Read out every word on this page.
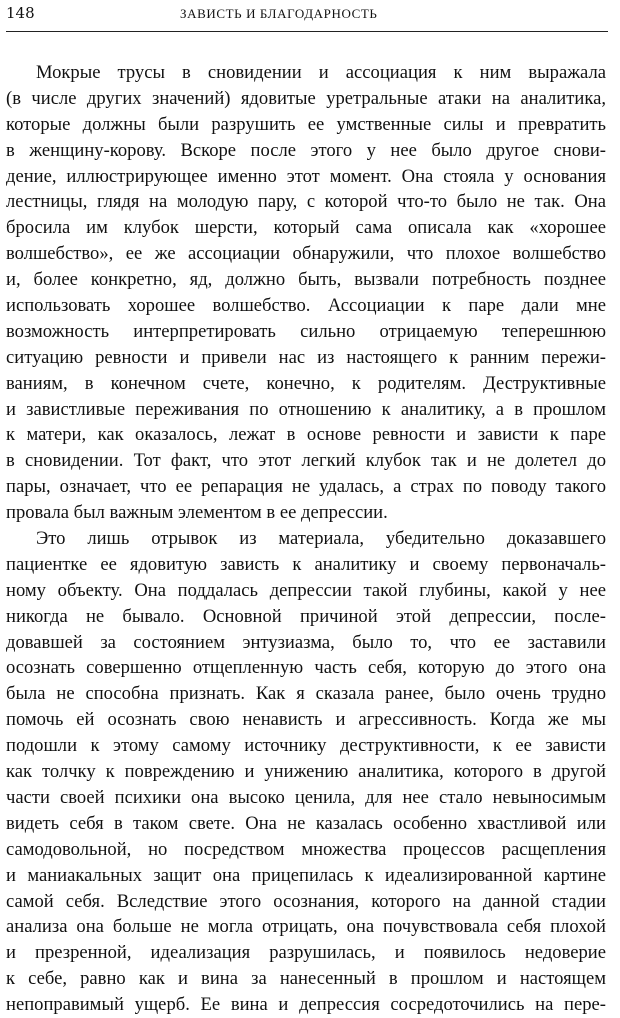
148	ЗАВИСТЬ И БЛАГОДАРНОСТЬ
Мокрые трусы в сновидении и ассоциация к ним выражала
(в числе других значений) ядовитые уретральные атаки на аналитика,
которые должны были разрушить ее умственные силы и превратить
в женщину-корову. Вскоре после этого у нее было другое снови-
дение, иллюстрирующее именно этот момент. Она стояла у основания
лестницы, глядя на молодую пару, с которой что-то было не так. Она
бросила им клубок шерсти, который сама описала как «хорошее
волшебство», ее же ассоциации обнаружили, что плохое волшебство
и, более конкретно, яд, должно быть, вызвали потребность позднее
использовать хорошее волшебство. Ассоциации к паре дали мне
возможность интерпретировать сильно отрицаемую теперешнюю
ситуацию ревности и привели нас из настоящего к ранним пережи-
ваниям, в конечном счете, конечно, к родителям. Деструктивные
и завистливые переживания по отношению к аналитику, а в прошлом
к матери, как оказалось, лежат в основе ревности и зависти к паре
в сновидении. Тот факт, что этот легкий клубок так и не долетел до
пары, означает, что ее репарация не удалась, а страх по поводу такого
провала был важным элементом в ее депрессии.
Это лишь отрывок из материала, убедительно доказавшего
пациентке ее ядовитую зависть к аналитику и своему первоначаль-
ному объекту. Она поддалась депрессии такой глубины, какой у нее
никогда не бывало. Основной причиной этой депрессии, после-
довавшей за состоянием энтузиазма, было то, что ее заставили
осознать совершенно отщепленную часть себя, которую до этого она
была не способна признать. Как я сказала ранее, было очень трудно
помочь ей осознать свою ненависть и агрессивность. Когда же мы
подошли к этому самому источнику деструктивности, к ее зависти
как толчку к повреждению и унижению аналитика, которого в другой
части своей психики она высоко ценила, для нее стало невыносимым
видеть себя в таком свете. Она не казалась особенно хвастливой или
самодовольной, но посредством множества процессов расщепления
и маниакальных защит она прицепилась к идеализированной картине
самой себя. Вследствие этого осознания, которого на данной стадии
анализа она больше не могла отрицать, она почувствовала себя плохой
и презренной, идеализация разрушилась, и появилось недоверие
к себе, равно как и вина за нанесенный в прошлом и настоящем
непоправимый ущерб. Ее вина и депрессия сосредоточились на пере-
